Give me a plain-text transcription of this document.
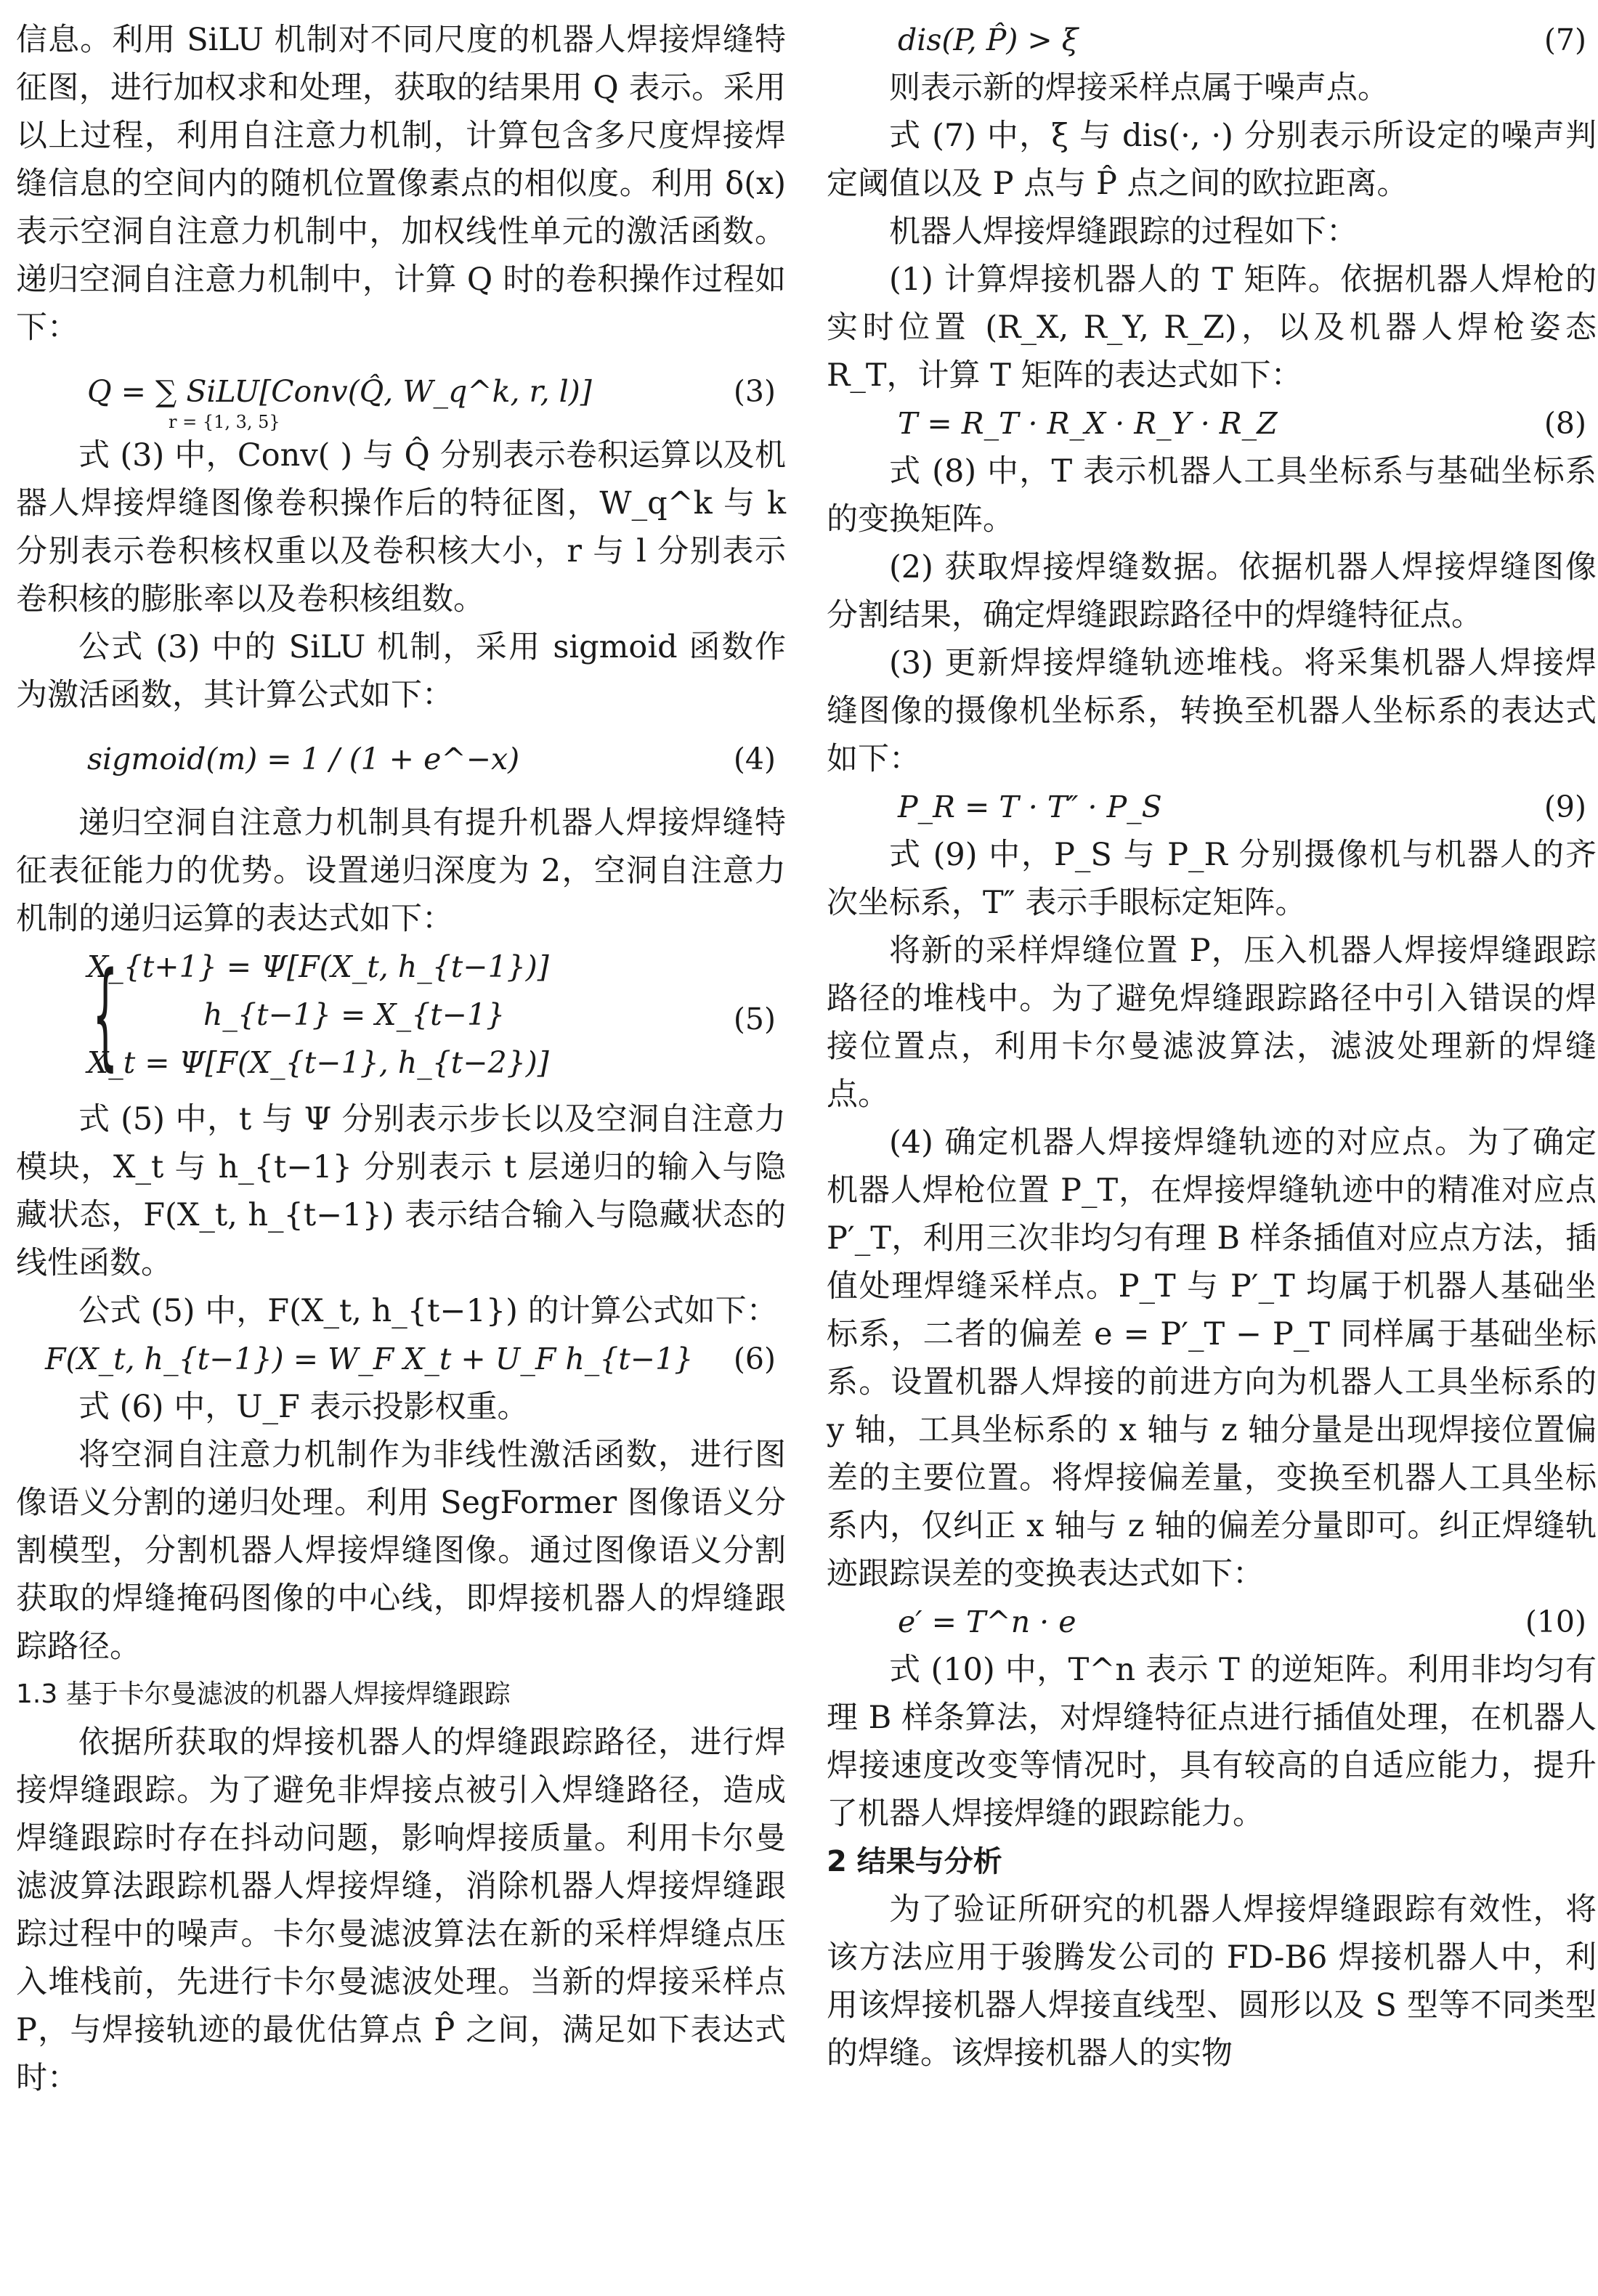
信息。利用 SiLU 机制对不同尺度的机器人焊接焊缝特征图，进行加权求和处理，获取的结果用 Q 表示。采用以上过程，利用自注意力机制，计算包含多尺度焊接焊缝信息的空间内的随机位置像素点的相似度。利用 δ(x) 表示空洞自注意力机制中，加权线性单元的激活函数。递归空洞自注意力机制中，计算 Q 时的卷积操作过程如下：

Q = ∑ SiLU[Conv(Q̂, W_q^k, r, l)]
r = {1, 3, 5}
(3)

式 (3) 中，Conv( ) 与 Q̂ 分别表示卷积运算以及机器人焊接焊缝图像卷积操作后的特征图，W_q^k 与 k 分别表示卷积核权重以及卷积核大小，r 与 l 分别表示卷积核的膨胀率以及卷积核组数。

公式 (3) 中的 SiLU 机制，采用 sigmoid 函数作为激活函数，其计算公式如下：

sigmoid(m) = 1 / (1 + e^−x)	(4)

递归空洞自注意力机制具有提升机器人焊接焊缝特征表征能力的优势。设置递归深度为 2，空洞自注意力机制的递归运算的表达式如下：

{
X_{t+1} = Ψ[F(X_t, h_{t−1})]
h_{t−1} = X_{t−1}
X_t = Ψ[F(X_{t−1}, h_{t−2})]
(5)

式 (5) 中，t 与 Ψ 分别表示步长以及空洞自注意力模块，X_t 与 h_{t−1} 分别表示 t 层递归的输入与隐藏状态，F(X_t, h_{t−1}) 表示结合输入与隐藏状态的线性函数。

公式 (5) 中，F(X_t, h_{t−1}) 的计算公式如下：

F(X_t, h_{t−1}) = W_F X_t + U_F h_{t−1} (6)

式 (6) 中，U_F 表示投影权重。

将空洞自注意力机制作为非线性激活函数，进行图像语义分割的递归处理。利用 SegFormer 图像语义分割模型，分割机器人焊接焊缝图像。通过图像语义分割获取的焊缝掩码图像的中心线，即焊接机器人的焊缝跟踪路径。

1.3 基于卡尔曼滤波的机器人焊接焊缝跟踪

依据所获取的焊接机器人的焊缝跟踪路径，进行焊接焊缝跟踪。为了避免非焊接点被引入焊缝路径，造成焊缝跟踪时存在抖动问题，影响焊接质量。利用卡尔曼滤波算法跟踪机器人焊接焊缝，消除机器人焊接焊缝跟踪过程中的噪声。卡尔曼滤波算法在新的采样焊缝点压入堆栈前，先进行卡尔曼滤波处理。当新的焊接采样点 P，与焊接轨迹的最优估算点 P̂ 之间，满足如下表达式时：

dis(P, P̂) > ξ	(7)

则表示新的焊接采样点属于噪声点。

式 (7) 中，ξ 与 dis(·, ·) 分别表示所设定的噪声判定阈值以及 P 点与 P̂ 点之间的欧拉距离。

机器人焊接焊缝跟踪的过程如下：

(1) 计算焊接机器人的 T 矩阵。依据机器人焊枪的实时位置 (R_X, R_Y, R_Z)，以及机器人焊枪姿态 R_T，计算 T 矩阵的表达式如下：

T = R_T · R_X · R_Y · R_Z	(8)

式 (8) 中，T 表示机器人工具坐标系与基础坐标系的变换矩阵。

(2) 获取焊接焊缝数据。依据机器人焊接焊缝图像分割结果，确定焊缝跟踪路径中的焊缝特征点。

(3) 更新焊接焊缝轨迹堆栈。将采集机器人焊接焊缝图像的摄像机坐标系，转换至机器人坐标系的表达式如下：

P_R = T · T″ · P_S	(9)

式 (9) 中，P_S 与 P_R 分别摄像机与机器人的齐次坐标系，T″ 表示手眼标定矩阵。

将新的采样焊缝位置 P，压入机器人焊接焊缝跟踪路径的堆栈中。为了避免焊缝跟踪路径中引入错误的焊接位置点，利用卡尔曼滤波算法，滤波处理新的焊缝点。

(4) 确定机器人焊接焊缝轨迹的对应点。为了确定机器人焊枪位置 P_T，在焊接焊缝轨迹中的精准对应点 P′_T，利用三次非均匀有理 B 样条插值对应点方法，插值处理焊缝采样点。P_T 与 P′_T 均属于机器人基础坐标系，二者的偏差 e = P′_T − P_T 同样属于基础坐标系。设置机器人焊接的前进方向为机器人工具坐标系的 y 轴，工具坐标系的 x 轴与 z 轴分量是出现焊接位置偏差的主要位置。将焊接偏差量，变换至机器人工具坐标系内，仅纠正 x 轴与 z 轴的偏差分量即可。纠正焊缝轨迹跟踪误差的变换表达式如下：

e′ = T^n · e	(10)

式 (10) 中，T^n 表示 T 的逆矩阵。利用非均匀有理 B 样条算法，对焊缝特征点进行插值处理，在机器人焊接速度改变等情况时，具有较高的自适应能力，提升了机器人焊接焊缝的跟踪能力。

2 结果与分析

为了验证所研究的机器人焊接焊缝跟踪有效性，将该方法应用于骏腾发公司的 FD-B6 焊接机器人中，利用该焊接机器人焊接直线型、圆形以及 S 型等不同类型的焊缝。该焊接机器人的实物
